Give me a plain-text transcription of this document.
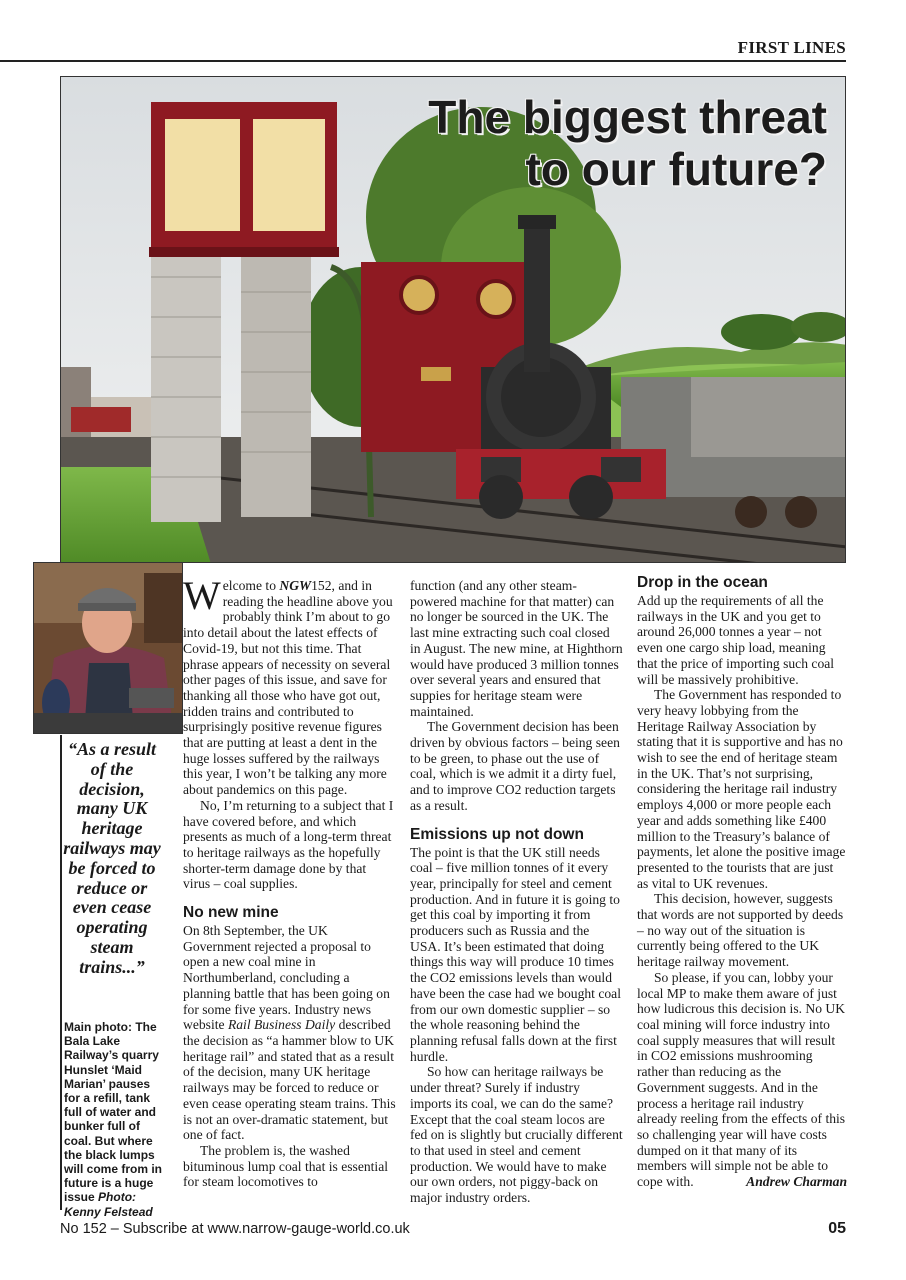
FIRST LINES
The biggest threat
to our future?
“As a result of the decision, many UK heritage railways may be forced to reduce or even cease operating steam trains...”
Main photo: The Bala Lake Railway’s quarry Hunslet ‘Maid Marian’ pauses for a refill, tank full of water and bunker full of coal. But where the black lumps will come from in future is a huge issue Photo: Kenny Felstead

Welcome to NGW152, and in reading the headline above you probably think I’m about to go into detail about the latest effects of Covid-19, but not this time. That phrase appears of necessity on several other pages of this issue, and save for thanking all those who have got out, ridden trains and contributed to surprisingly positive revenue figures that are putting at least a dent in the huge losses suffered by the railways this year, I won’t be talking any more about pandemics on this page.

No, I’m returning to a subject that I have covered before, and which presents as much of a long-term threat to heritage railways as the hopefully shorter-term damage done by that virus – coal supplies.

No new mine

On 8th September, the UK Government rejected a proposal to open a new coal mine in Northumberland, concluding a planning battle that has been going on for some five years. Industry news website Rail Business Daily described the decision as “a hammer blow to UK heritage rail” and stated that as a result of the decision, many UK heritage railways may be forced to reduce or even cease operating steam trains. This is not an over-dramatic statement, but one of fact.

The problem is, the washed bituminous lump coal that is essential for steam locomotives to

function (and any other steam-powered machine for that matter) can no longer be sourced in the UK. The last mine extracting such coal closed in August. The new mine, at Highthorn would have produced 3 million tonnes over several years and ensured that suppies for heritage steam were maintained.

The Government decision has been driven by obvious factors – being seen to be green, to phase out the use of coal, which is we admit it a dirty fuel, and to improve CO2 reduction targets as a result.

Emissions up not down

The point is that the UK still needs coal – five million tonnes of it every year, principally for steel and cement production. And in future it is going to get this coal by importing it from producers such as Russia and the USA. It’s been estimated that doing things this way will produce 10 times the CO2 emissions levels than would have been the case had we bought coal from our own domestic supplier – so the whole reasoning behind the planning refusal falls down at the first hurdle.

So how can heritage railways be under threat? Surely if industry imports its coal, we can do the same? Except that the coal steam locos are fed on is slightly but crucially different to that used in steel and cement production. We would have to make our own orders, not piggy-back on major industry orders.

Drop in the ocean

Add up the requirements of all the railways in the UK and you get to around 26,000 tonnes a year – not even one cargo ship load, meaning that the price of importing such coal will be massively prohibitive.

The Government has responded to very heavy lobbying from the Heritage Railway Association by stating that it is supportive and has no wish to see the end of heritage steam in the UK. That’s not surprising, considering the heritage rail industry employs 4,000 or more people each year and adds something like £400 million to the Treasury’s balance of payments, let alone the positive image presented to the tourists that are just as vital to UK revenues.

This decision, however, suggests that words are not supported by deeds – no way out of the situation is currently being offered to the UK heritage railway movement.

So please, if you can, lobby your local MP to make them aware of just how ludicrous this decision is. No UK coal mining will force industry into coal supply measures that will result in CO2 emissions mushrooming rather than reducing as the Government suggests. And in the process a heritage rail industry already reeling from the effects of this so challenging year will have costs dumped on it that many of its members will simple not be able to cope with.	Andrew Charman

No 152 – Subscribe at www.narrow-gauge-world.co.uk	05
